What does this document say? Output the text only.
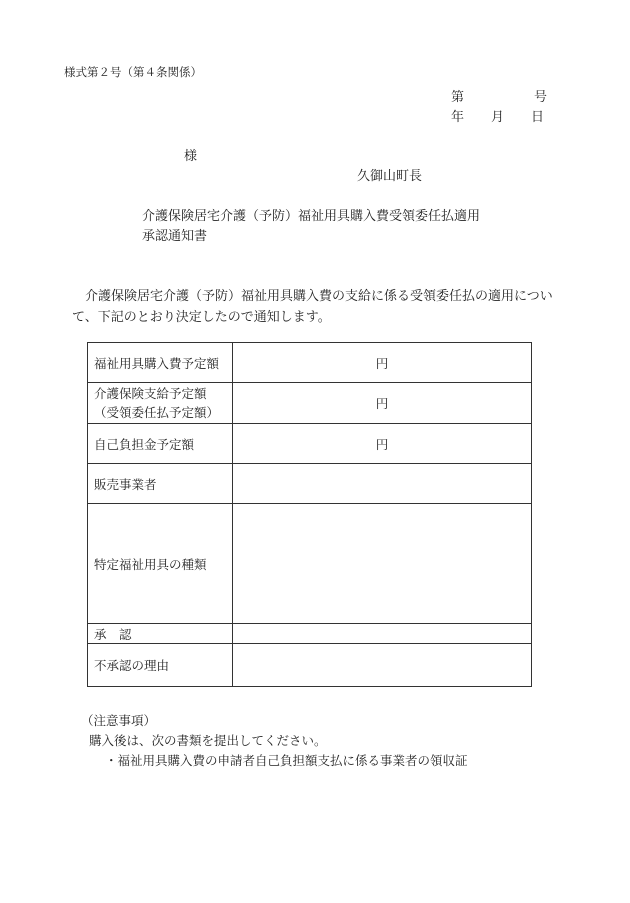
様式第２号（第４条関係）
第	号
年 月 日
様
久御山町長
介護保険居宅介護（予防）福祉用具購入費受領委任払適用
承認通知書
介護保険居宅介護（予防）福祉用具購入費の支給に係る受領委任払の適用について、下記のとおり決定したので通知します。
福祉用具購入費予定額	円

介護保険支給予定額
（受領委任払予定額）	円
自己負担金予定額	円
販売事業者	
特定福祉用具の種類	
承　認	
不承認の理由	
（注意事項）
購入後は、次の書類を提出してください。
・福祉用具購入費の申請者自己負担額支払に係る事業者の領収証
